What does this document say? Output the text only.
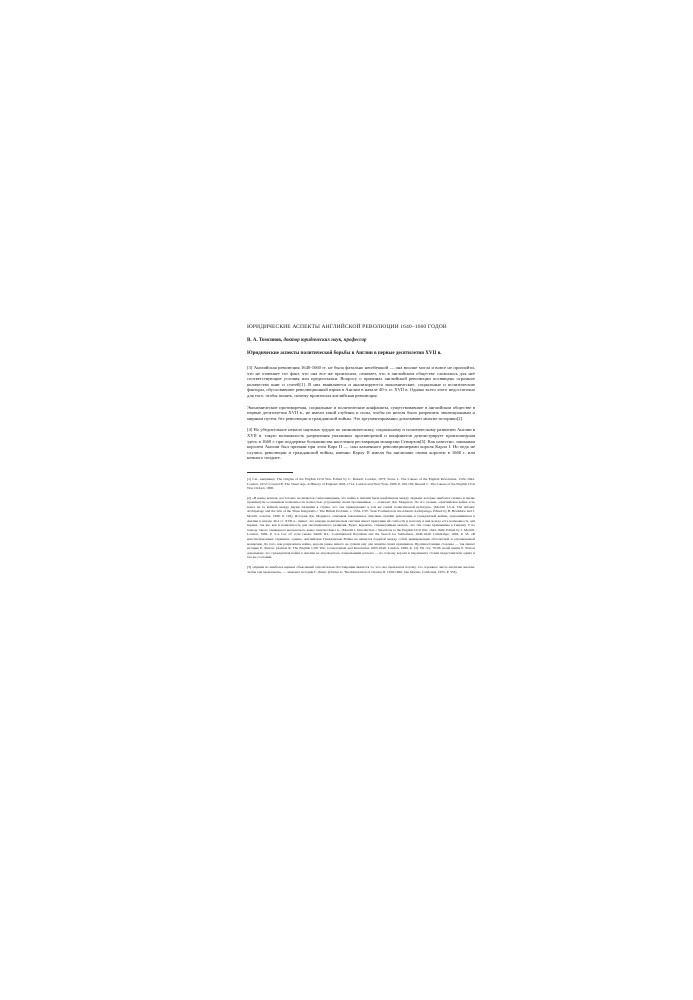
ЮРИДИЧЕСКИЕ АСПЕКТЫ АНГЛИЙСКОЙ РЕВОЛЮЦИИ 1640–1660 ГОДОВ
В. А. Томсинов, доктор юридических наук, профессор
Юридические аспекты политической борьбы в Англии в первые десятилетия XVII в.

[3] Английская революция 1640-1660 гг. не была фатально неизбежной — она вполне могла и вовсе не произойти, что не отменяет тот факт, что она все же произошла, означает, что в английском обществе сложились для неё соответствующие условия или предпосылки. Вопросу о причинах английской революции посвящено огромное количество книг и статей[1]. В них выявляются и анализируются экономические, социальные и политические факторы, обусловившие революционный взрыв в Англии в начале 40-х гг. XVII в. Однако всего этого недостаточно для того, чтобы понять, почему произошла английская революция.

Экономические противоречия, социальные и политические конфликты, существовавшие в английском обществе в первые десятилетия XVII в., не имели такой глубины и силы, чтобы их нельзя было разрешить эволюционным и мирным путем, без революции и гражданской войны. Это аргументированно доказывают многие историки[2].

[4] Но убедительное немало научных трудов по экономическому, социальному и политическому развитию Англии в XVII в. такую возможность разрешения указанных противоречий и конфликтов демонстрирует произошедшая здесь в 1660 г. при поддержке большинства населения реставрация монархии Стюартов[3]. Как известно, законным королем Англии был признан при этом Карл II — сын казненного революционерами короля Карла I. Но ведь не случись революции и гражданской войны, именно Карлу II имели бы англичане своим королем в 1660 г. или немного позднее.

[1] См., например: The Origins of the English Civil War. Edited by C. Russell. London, 1973; Stone L. The Causes of the English Revolution, 1529–1642. London, 1972; Coward B. The Stuart Age. A History of England 1603–1714. London and New York, 1980. P. 160-182; Russell C. The Causes of the English Civil War. Oxford, 1990.

[2] «В конце концов, достоточно не является самоочевидным, что война в Англии была конфликтом между людьми, которые наиболее сильно и пылко проникнуты осознанием возможности полностью устранения своих противников, — отмечает Дж. Моррилл. По его словам, «Английская война есть вовсе не та войной между двумя лагерями в стране, что она принадлежит к той же самой политической культуре». (Morrill J.S.A. The Atlantic Archipelago and the War of the Three Kingdoms // The British Problem, c. 1534-1707. State Formation in the Atlantic Archipelago. Edited by B. Bradshaw and J. Morrill. London, 1996. P. 193). Историк Дж. Моррилл, описывая законченное описание причин революции и гражданской войны, разразившихся в Англии в начале 40-х гг. XVII в., пишет, что каждая политическая система имеет присущие ей слабости и поэтому в ней всегда есть возможность для взрыва, так же, как и возможность для эволюционного развития. Будет, вероятно, справедливым сказать, что эти слова применимы к Генриху V по поводу такого очевидного высказаться, какое заметил Карл I». (Morrill J. Introduction // Reactions to the English Civil War. 1642-1649. Edited by J. Morrill. London, 1982. P. 3-4. См. об этом также: Smith D.L. Constitutional Royalism and the Search for Settlement. 1640-1649. Cambridge, 1994. P. 33. «В конституционных терминах, однако, Английская Гражданская Война не является борьбой между собой приверженцев абсолютной и ограниченной монархии. До того, как разразилась война, короли ранее ничего не сулили ему для защиты своих принципов. Противостоящие стороны — так пишет историк Р. Эштон. (Ashton R. The English Civil War. Conservatism and Revolution 1603-1649. London, 1989. P. 13). На стр. 70-96 своей книги Р. Эштон доказывает, что гражданская война в Англии не порождалась социальными раскола — из сторону короля и парламента стояли представители одних и тех же сословий.

[3] «Одним из наиболее верных объяснений относительно Реставрации является то, что она произошла потому, что огромное число англичан желали, чтобы она произошла», — замечает историк Г. Дэвис. (Davies G. The Restoration of Charles II. 1658-1660. San Marino, California, 1955. P. 353).
